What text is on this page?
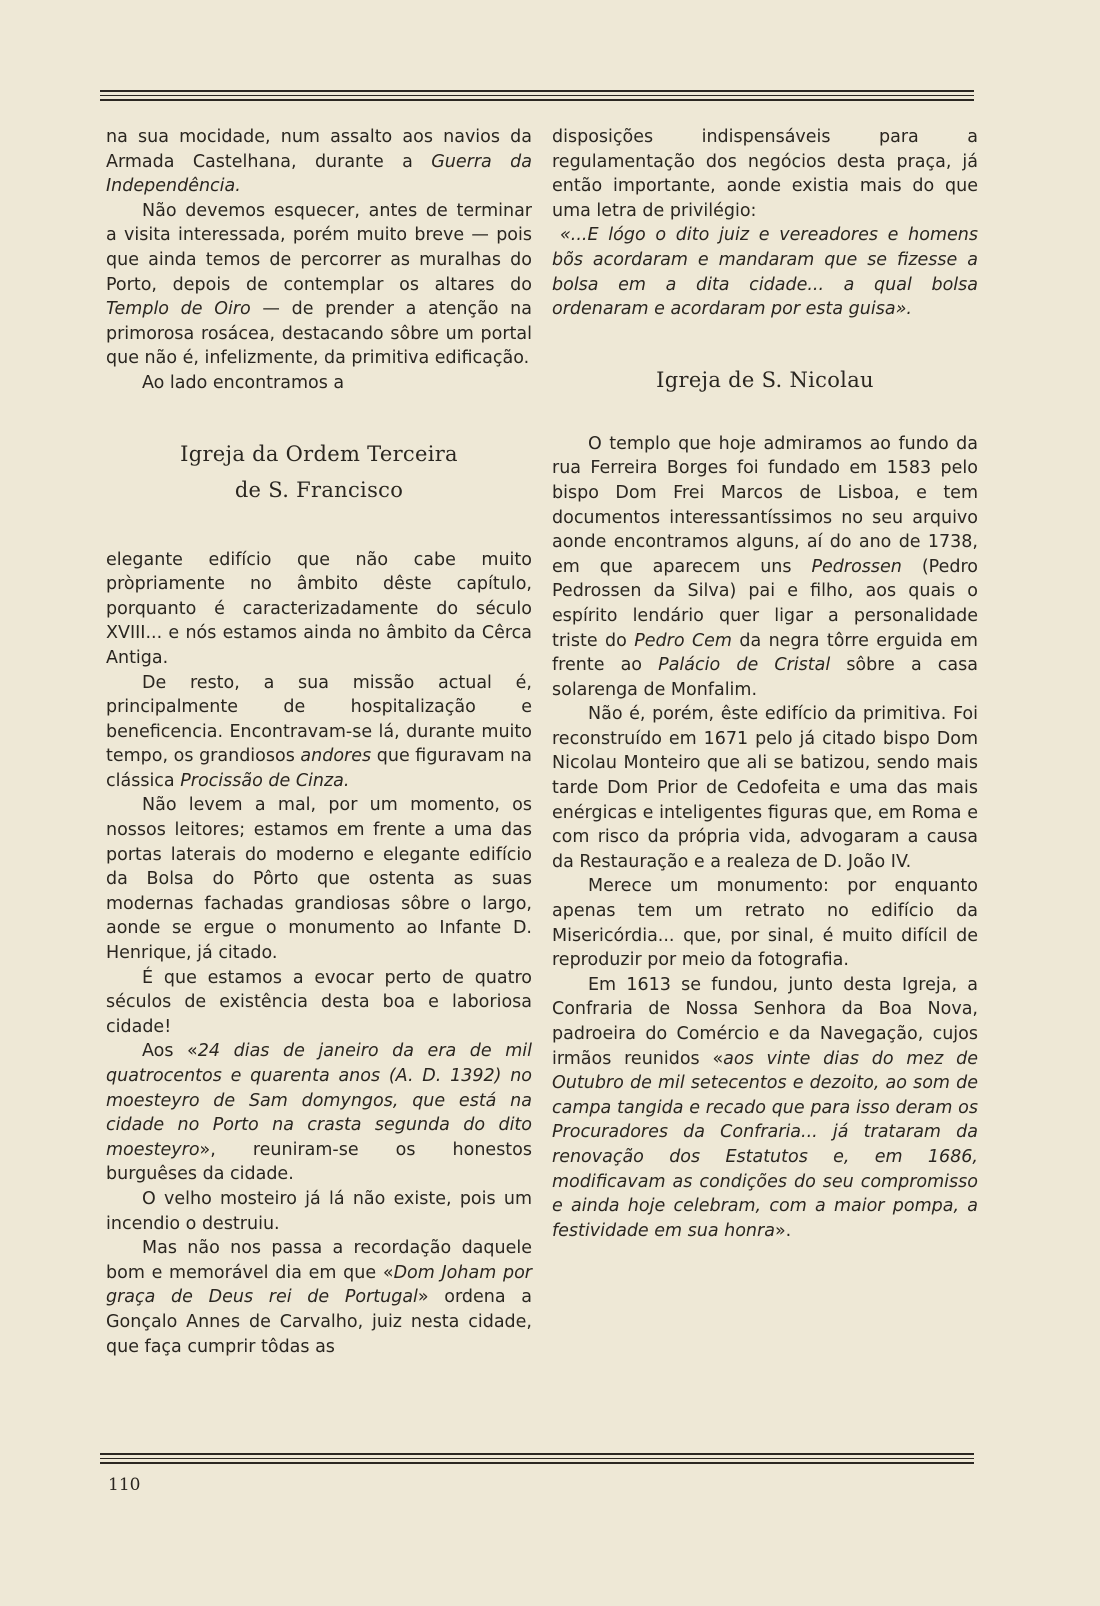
na sua mocidade, num assalto aos navios da Armada Castelhana, durante a Guerra da Independência.

Não devemos esquecer, antes de terminar a visita interessada, porém muito breve — pois que ainda temos de percorrer as muralhas do Porto, depois de contemplar os altares do Templo de Oiro — de prender a atenção na primorosa rosácea, destacando sôbre um portal que não é, infelizmente, da primitiva edificação.

Ao lado encontramos a

Igreja da Ordem Terceira
de S. Francisco

elegante edifício que não cabe muito pròpriamente no âmbito dêste capítulo, porquanto é caracterizadamente do século XVIII... e nós estamos ainda no âmbito da Cêrca Antiga.

De resto, a sua missão actual é, principalmente de hospitalização e beneficencia. Encontravam-se lá, durante muito tempo, os grandiosos andores que figuravam na clássica Procissão de Cinza.

Não levem a mal, por um momento, os nossos leitores; estamos em frente a uma das portas laterais do moderno e elegante edifício da Bolsa do Pôrto que ostenta as suas modernas fachadas grandiosas sôbre o largo, aonde se ergue o monumento ao Infante D. Henrique, já citado.

É que estamos a evocar perto de quatro séculos de existência desta boa e laboriosa cidade!

Aos «24 dias de janeiro da era de mil quatrocentos e quarenta anos (A. D. 1392) no moesteyro de Sam domyngos, que está na cidade no Porto na crasta segunda do dito moesteyro», reuniram-se os honestos burguêses da cidade.

O velho mosteiro já lá não existe, pois um incendio o destruiu.

Mas não nos passa a recordação daquele bom e memorável dia em que «Dom Joham por graça de Deus rei de Portugal» ordena a Gonçalo Annes de Carvalho, juiz nesta cidade, que faça cumprir tôdas as

disposições indispensáveis para a regulamentação dos negócios desta praça, já então importante, aonde existia mais do que uma letra de privilégio:

«...E lógo o dito juiz e vereadores e homens bõs acordaram e mandaram que se fizesse a bolsa em a dita cidade... a qual bolsa ordenaram e acordaram por esta guisa».

Igreja de S. Nicolau

O templo que hoje admiramos ao fundo da rua Ferreira Borges foi fundado em 1583 pelo bispo Dom Frei Marcos de Lisboa, e tem documentos interessantíssimos no seu arquivo aonde encontramos alguns, aí do ano de 1738, em que aparecem uns Pedrossen (Pedro Pedrossen da Silva) pai e filho, aos quais o espírito lendário quer ligar a personalidade triste do Pedro Cem da negra tôrre erguida em frente ao Palácio de Cristal sôbre a casa solarenga de Monfalim.

Não é, porém, êste edifício da primitiva. Foi reconstruído em 1671 pelo já citado bispo Dom Nicolau Monteiro que ali se batizou, sendo mais tarde Dom Prior de Cedofeita e uma das mais enérgicas e inteligentes figuras que, em Roma e com risco da própria vida, advogaram a causa da Restauração e a realeza de D. João IV.

Merece um monumento: por enquanto apenas tem um retrato no edifício da Misericórdia... que, por sinal, é muito difícil de reproduzir por meio da fotografia.

Em 1613 se fundou, junto desta Igreja, a Confraria de Nossa Senhora da Boa Nova, padroeira do Comércio e da Navegação, cujos irmãos reunidos «aos vinte dias do mez de Outubro de mil setecentos e dezoito, ao som de campa tangida e recado que para isso deram os Procuradores da Confraria... já trataram da renovação dos Estatutos e, em 1686, modificavam as condições do seu compromisso e ainda hoje celebram, com a maior pompa, a festividade em sua honra».

110
